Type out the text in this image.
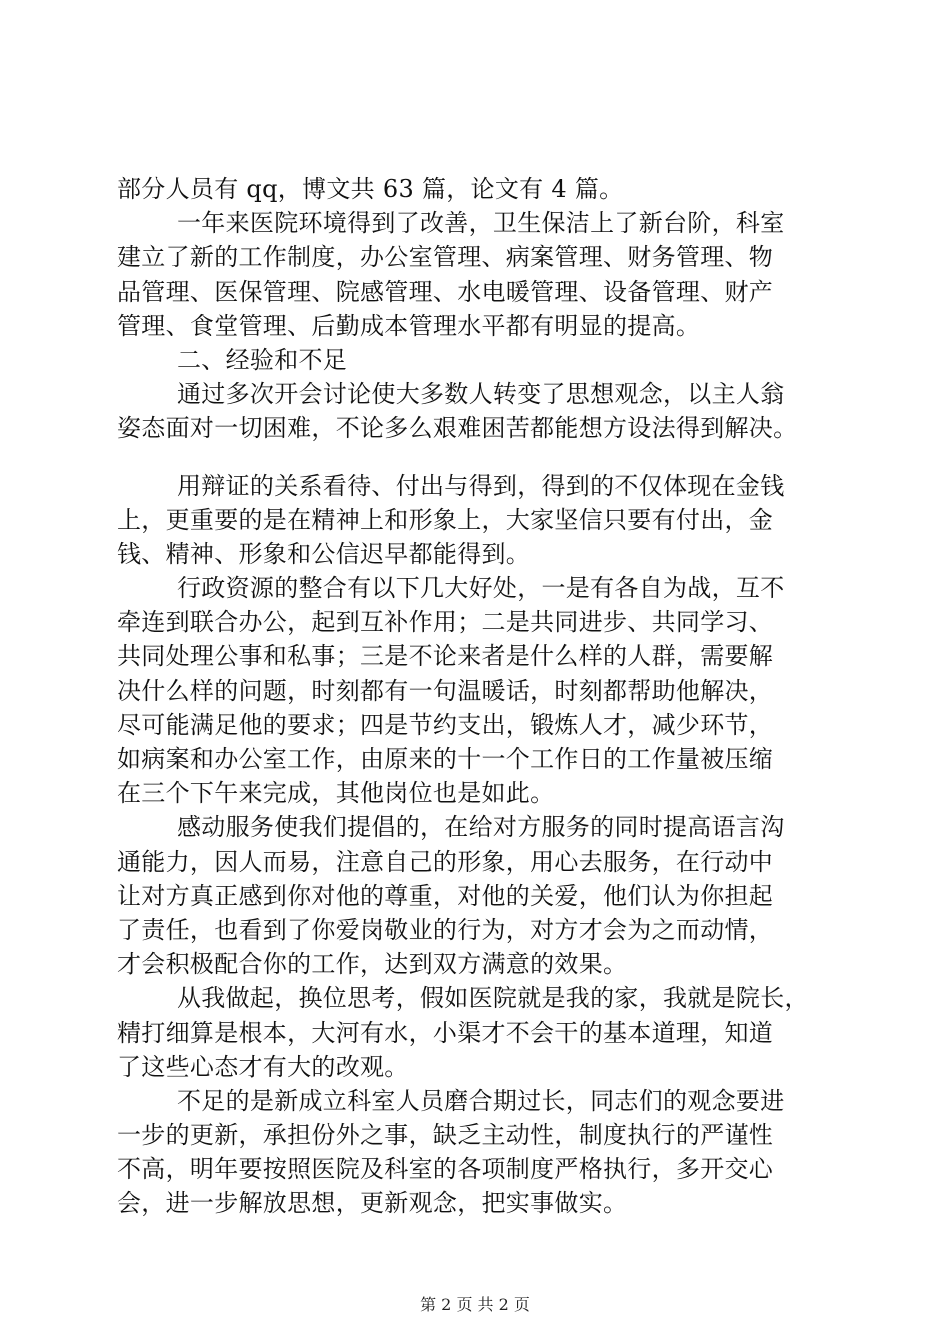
部分人员有 qq，博文共 63 篇，论文有 4 篇。
一年来医院环境得到了改善，卫生保洁上了新台阶，科室
建立了新的工作制度，办公室管理、病案管理、财务管理、物
品管理、医保管理、院感管理、水电暖管理、设备管理、财产
管理、食堂管理、后勤成本管理水平都有明显的提高。
二、经验和不足
通过多次开会讨论使大多数人转变了思想观念，以主人翁
姿态面对一切困难，不论多么艰难困苦都能想方设法得到解决。
用辩证的关系看待、付出与得到，得到的不仅体现在金钱
上，更重要的是在精神上和形象上，大家坚信只要有付出，金
钱、精神、形象和公信迟早都能得到。
行政资源的整合有以下几大好处，一是有各自为战，互不
牵连到联合办公，起到互补作用；二是共同进步、共同学习、
共同处理公事和私事；三是不论来者是什么样的人群，需要解
决什么样的问题，时刻都有一句温暖话，时刻都帮助他解决，
尽可能满足他的要求；四是节约支出，锻炼人才，减少环节，
如病案和办公室工作，由原来的十一个工作日的工作量被压缩
在三个下午来完成，其他岗位也是如此。
感动服务使我们提倡的，在给对方服务的同时提高语言沟
通能力，因人而易，注意自己的形象，用心去服务，在行动中
让对方真正感到你对他的尊重，对他的关爱，他们认为你担起
了责任，也看到了你爱岗敬业的行为，对方才会为之而动情，
才会积极配合你的工作，达到双方满意的效果。
从我做起，换位思考，假如医院就是我的家，我就是院长，
精打细算是根本，大河有水，小渠才不会干的基本道理，知道
了这些心态才有大的改观。
不足的是新成立科室人员磨合期过长，同志们的观念要进
一步的更新，承担份外之事，缺乏主动性，制度执行的严谨性
不高，明年要按照医院及科室的各项制度严格执行，多开交心
会，进一步解放思想，更新观念，把实事做实。
第 2 页 共 2 页
